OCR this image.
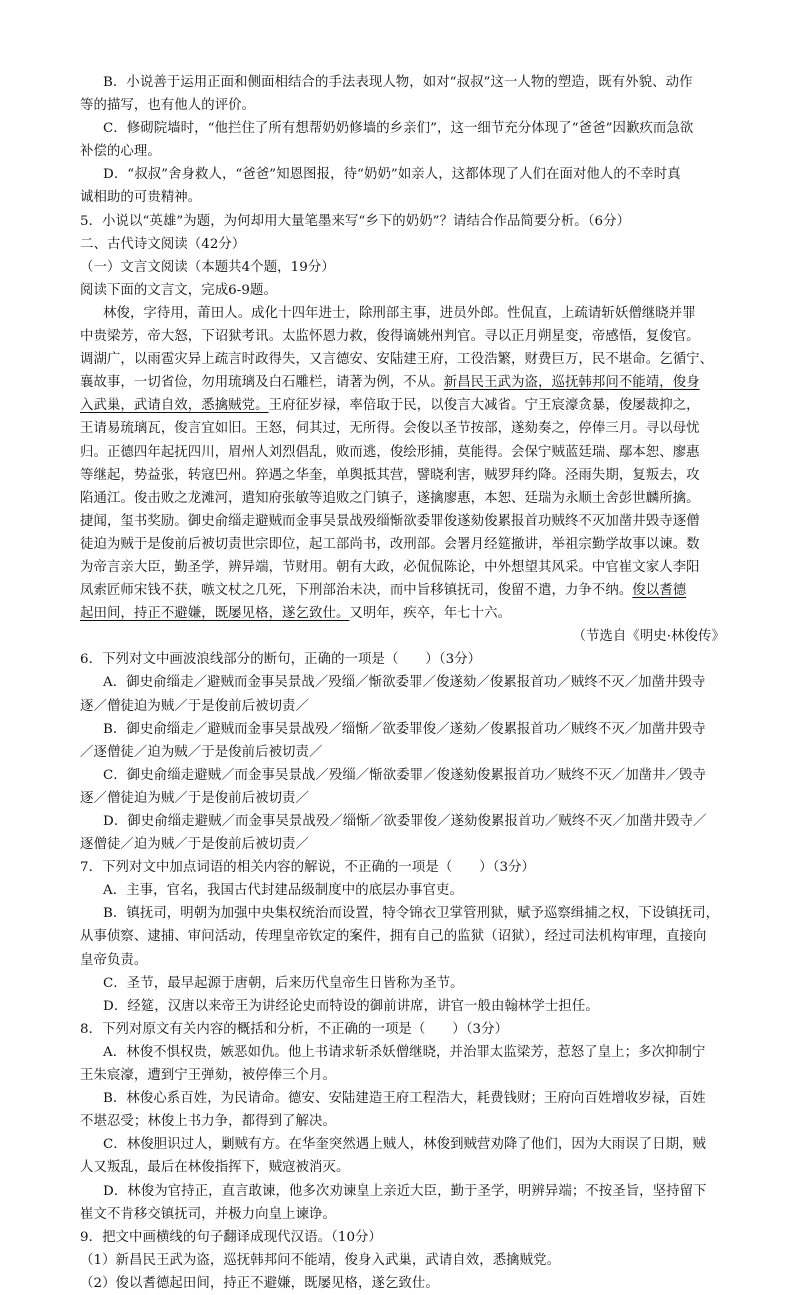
B．小说善于运用正面和侧面相结合的手法表现人物，如对“叔叔”这一人物的塑造，既有外貌、动作
等的描写，也有他人的评价。
C．修砌院墙时，“他拦住了所有想帮奶奶修墙的乡亲们”，这一细节充分体现了“爸爸”因歉疚而急欲
补偿的心理。
D．“叔叔”舍身救人，“爸爸”知恩图报，待“奶奶”如亲人，这都体现了人们在面对他人的不幸时真
诚相助的可贵精神。
5．小说以“英雄”为题，为何却用大量笔墨来写“乡下的奶奶”？请结合作品简要分析。（6分）
二、古代诗文阅读（42分）
（一）文言文阅读（本题共4个题，19分）
阅读下面的文言文，完成6-9题。
林俊，字待用，莆田人。成化十四年进士，除刑部主事，进员外郎。性侃直，上疏请斩妖僧继晓并罪
中贵梁芳，帝大怒，下诏狱考讯。太监怀恩力救，俊得谪姚州判官。寻以正月朔星变，帝感悟，复俊官。
调湖广，以雨雹灾异上疏言时政得失，又言德安、安陆建王府，工役浩繁，财费巨万，民不堪命。乞循宁、
襄故事，一切省俭，勿用琉璃及白石雕栏，请著为例，不从。新昌民王武为盗，巡抚韩邦问不能靖，俊身
入武巢，武请自效，悉擒贼党。王府征岁禄，率倍取于民，以俊言大减省。宁王宸濠贪暴，俊屡裁抑之，
王请易琉璃瓦，俊言宜如旧。王怒，伺其过，无所得。会俊以圣节按部，遂劾奏之，停俸三月。寻以母忧
归。正德四年起抚四川，眉州人刘烈倡乱，败而逃，俊绘形捕，莫能得。会保宁贼蓝廷瑞、鄢本恕、廖惠
等继起，势益张，转寇巴州。猝遇之华奎，单舆抵其营，譬晓利害，贼罗拜约降。泾雨失期，复叛去，攻
陷通江。俊击败之龙滩河，遣知府张敏等追败之门镇子，遂擒廖惠，本恕、廷瑞为永顺土舍彭世麟所擒。
捷闻，玺书奖励。御史俞缁走避贼而金事吴景战殁缁惭欲委罪俊遂劾俊累报首功贼终不灭加凿井毁寺逐僧
徒迫为贼于是俊前后被切责世宗即位，起工部尚书，改刑部。会署月经筵撤讲，举祖宗勤学故事以谏。数
为帝言亲大臣，勤圣学，辨异端，节财用。朝有大政，必侃侃陈论，中外想望其风采。中官崔文家人李阳
凤索匠师宋钱不获，嗾文杖之几死，下刑部治未决，而中旨移镇抚司，俊留不遣，力争不纳。俊以耆德
起田间，持正不避嫌，既屡见格，遂乞致仕。又明年，疾卒，年七十六。
（节选自《明史·林俊传》
6．下列对文中画波浪线部分的断句，正确的一项是（　　）（3分）
A．御史俞缁走／避贼而金事吴景战／殁缁／惭欲委罪／俊遂劾／俊累报首功／贼终不灭／加凿井毁寺
逐／僧徒迫为贼／于是俊前后被切责／
B．御史俞缁走／避贼而金事吴景战殁／缁惭／欲委罪俊／遂劾／俊累报首功／贼终不灭／加凿井毁寺
／逐僧徒／迫为贼／于是俊前后被切责／
C．御史俞缁走避贼／而金事吴景战／殁缁／惭欲委罪／俊遂劾俊累报首功／贼终不灭／加凿井／毁寺
逐／僧徒迫为贼／于是俊前后被切责／
D．御史俞缁走避贼／而金事吴景战殁／缁惭／欲委罪俊／遂劾俊累报首功／贼终不灭／加凿井毁寺／
逐僧徒／迫为贼／于是俊前后被切责／
7．下列对文中加点词语的相关内容的解说，不正确的一项是（　　）（3分）
A．主事，官名，我国古代封建品级制度中的底层办事官吏。
B．镇抚司，明朝为加强中央集权统治而设置，特令锦衣卫掌管刑狱，赋予巡察缉捕之权，下设镇抚司，
从事侦察、逮捕、审问活动，传理皇帝钦定的案件，拥有自己的监狱（诏狱），经过司法机构审理，直接向
皇帝负责。
C．圣节，最早起源于唐朝，后来历代皇帝生日皆称为圣节。
D．经筵，汉唐以来帝王为讲经论史而特设的御前讲席，讲官一般由翰林学士担任。
8．下列对原文有关内容的概括和分析，不正确的一项是（　　）（3分）
A．林俊不惧权贵，嫉恶如仇。他上书请求斩杀妖僧继晓，并治罪太监梁芳，惹怒了皇上；多次抑制宁
王朱宸濠，遭到宁王弹劾，被停俸三个月。
B．林俊心系百姓，为民请命。德安、安陆建造王府工程浩大，耗费钱财；王府向百姓增收岁禄，百姓
不堪忍受；林俊上书力争，都得到了解决。
C．林俊胆识过人，剿贼有方。在华奎突然遇上贼人，林俊到贼营劝降了他们，因为大雨误了日期，贼
人又叛乱，最后在林俊指挥下，贼寇被消灭。
D．林俊为官持正，直言敢谏，他多次劝谏皇上亲近大臣，勤于圣学，明辨异端；不按圣旨，坚持留下
崔文不肯移交镇抚司，并极力向皇上谏诤。
9．把文中画横线的句子翻译成现代汉语。（10分）
（1）新昌民王武为盗，巡抚韩邦问不能靖，俊身入武巢，武请自效，悉擒贼党。
（2）俊以耆德起田间，持正不避嫌，既屡见格，遂乞致仕。
